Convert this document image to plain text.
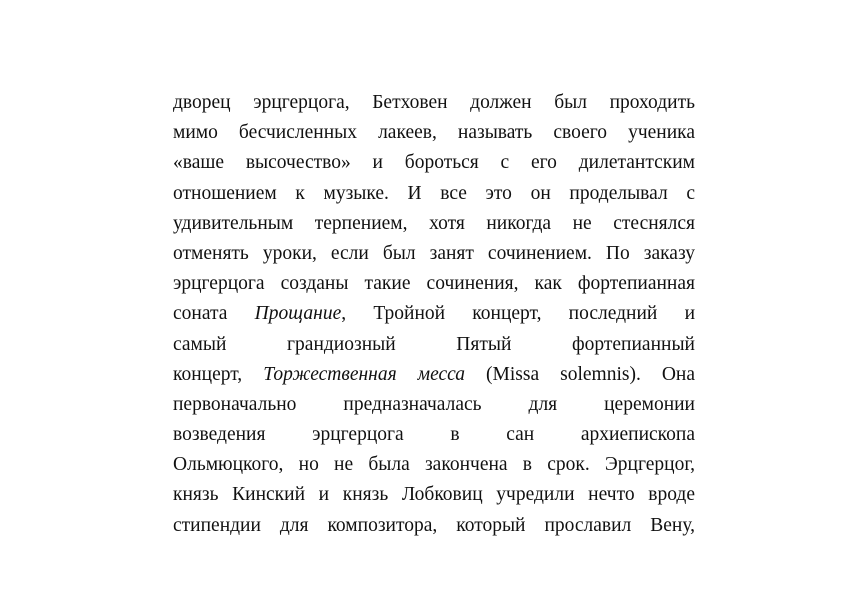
дворец эрцгерцога, Бетховен должен был проходить
мимо бесчисленных лакеев, называть своего ученика
«ваше высочество» и бороться с его дилетантским
отношением к музыке. И все это он проделывал с
удивительным терпением, хотя никогда не стеснялся
отменять уроки, если был занят сочинением. По заказу
эрцгерцога созданы такие сочинения, как фортепианная
соната Прощание, Тройной концерт, последний и
самый грандиозный Пятый фортепианный
концерт, Торжественная месса (Missa solemnis). Она
первоначально предназначалась для церемонии
возведения эрцгерцога в сан архиепископа
Ольмюцкого, но не была закончена в срок. Эрцгерцог,
князь Кинский и князь Лобковиц учредили нечто вроде
стипендии для композитора, который прославил Вену,
